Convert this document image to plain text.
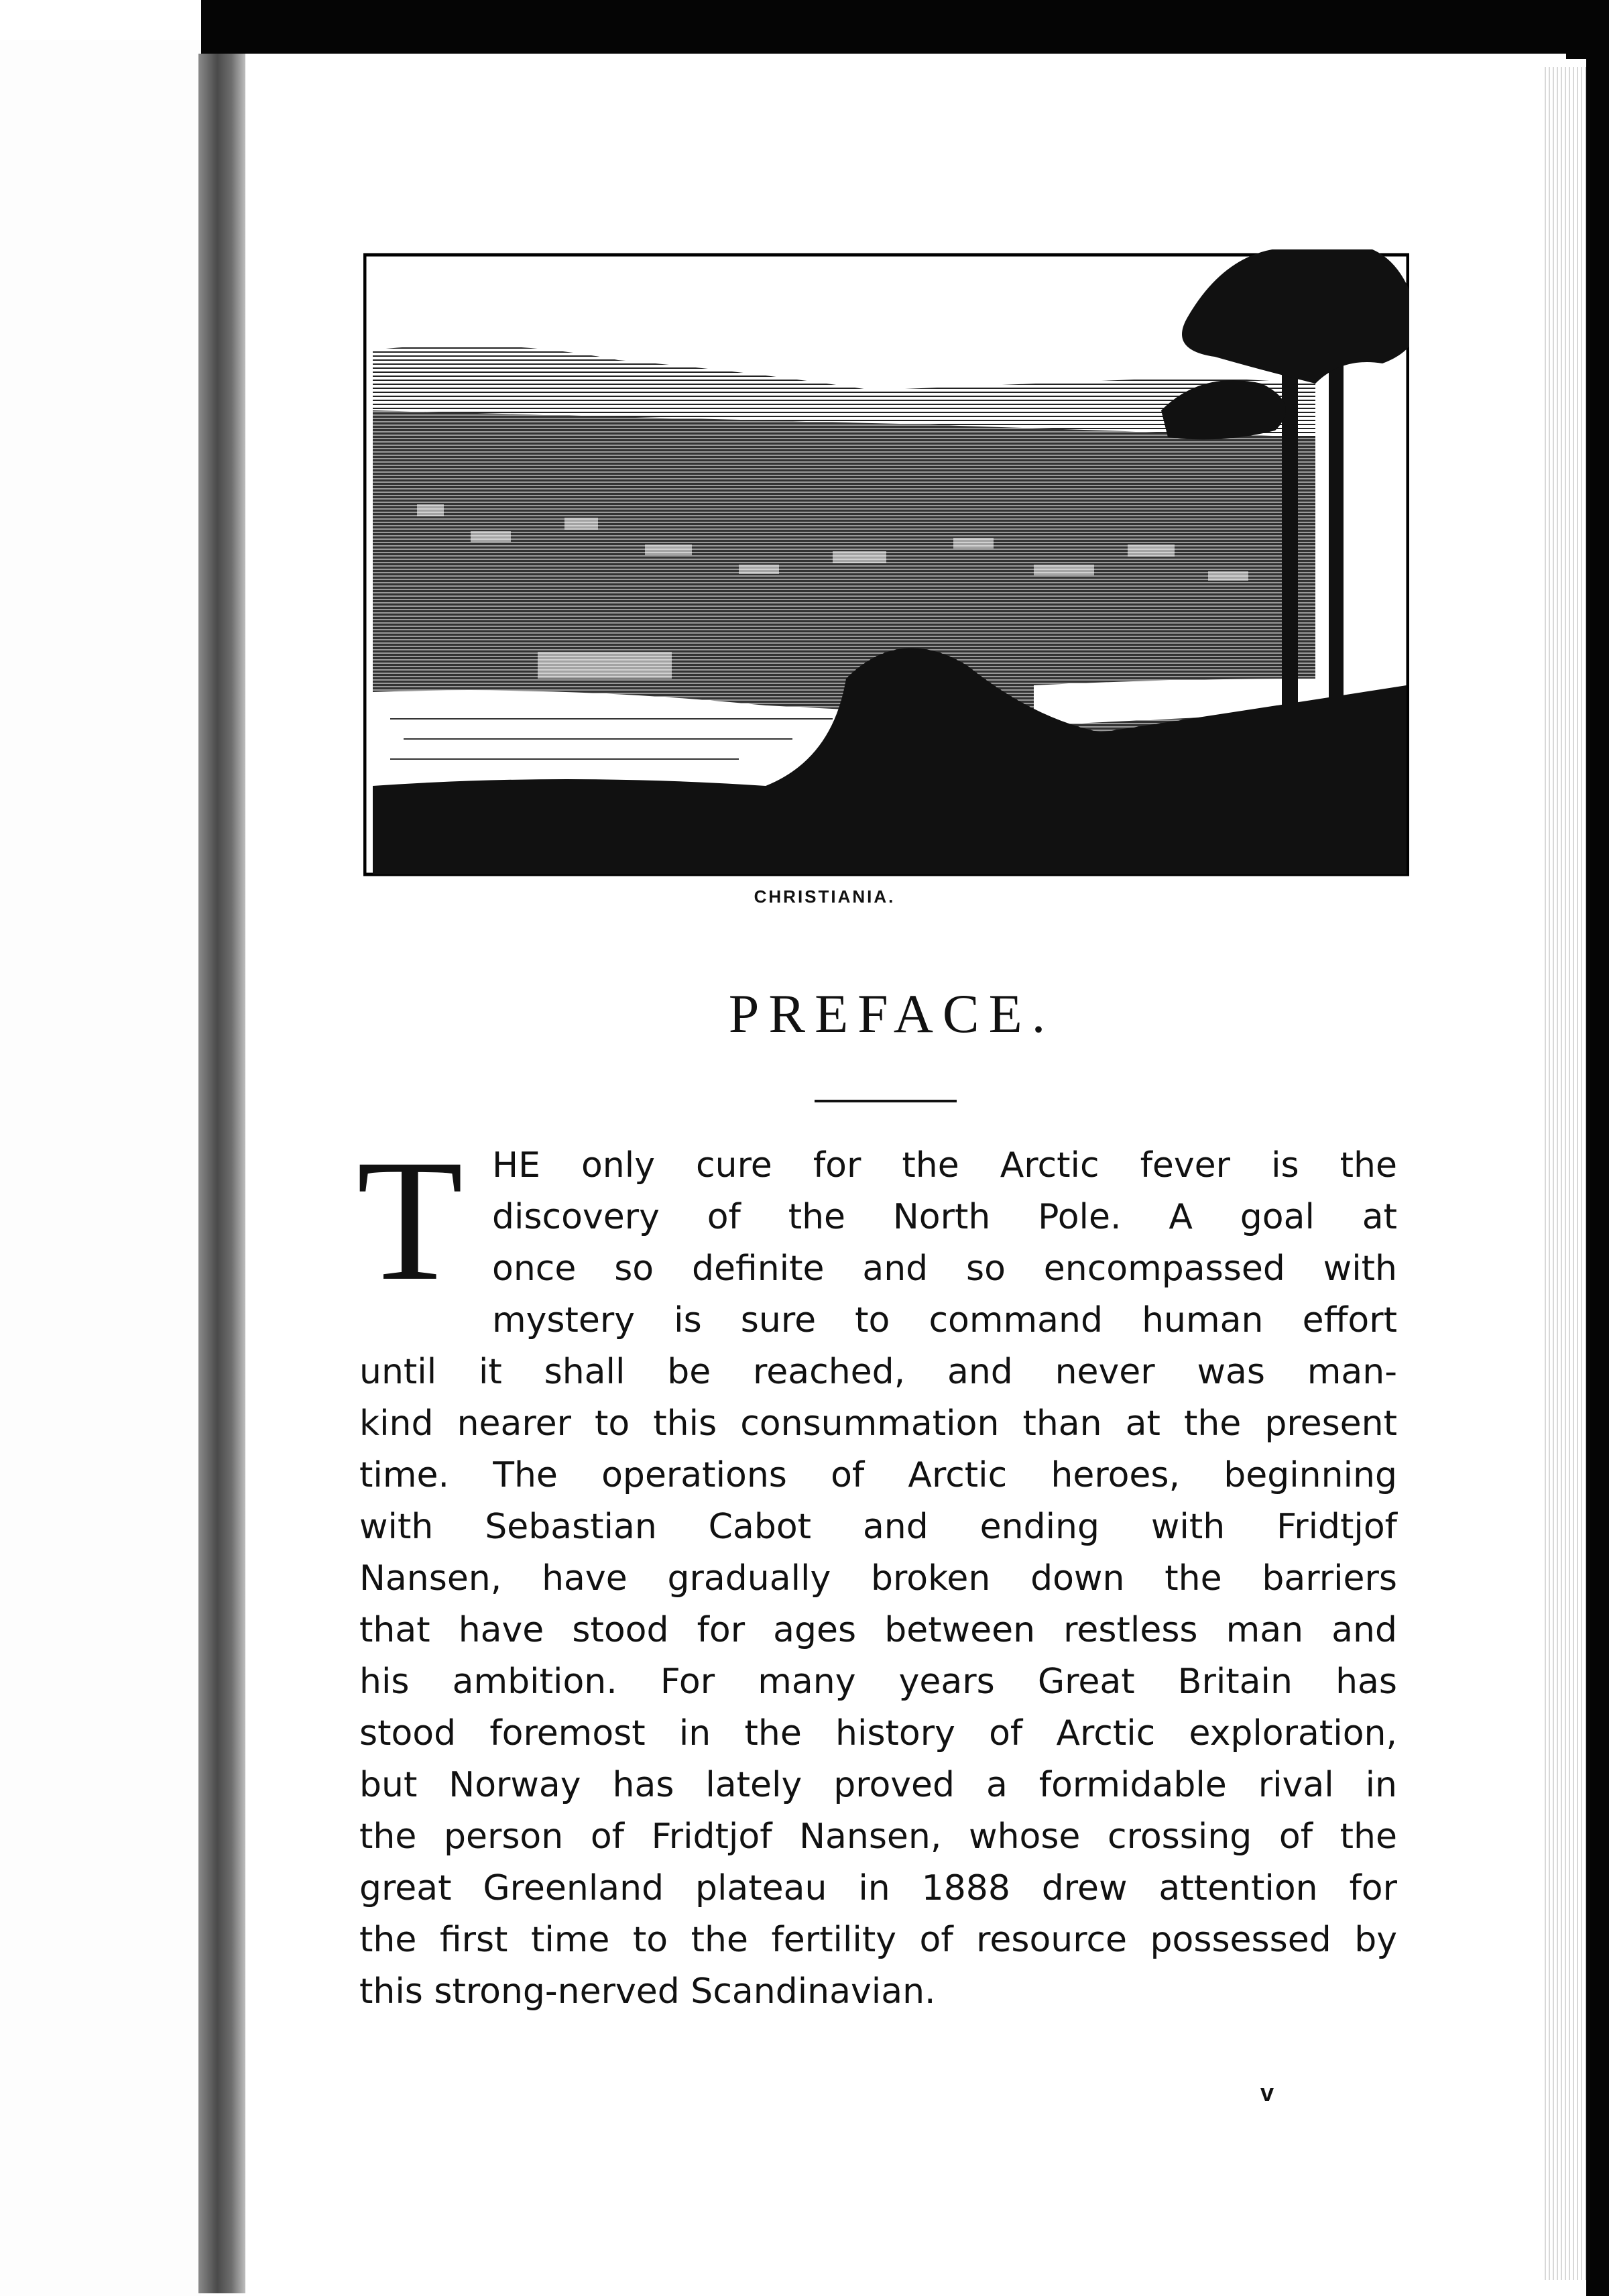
CHRISTIANIA.
PREFACE.
T HE only cure for the Arctic fever is the
discovery of the North Pole. A goal at
once so definite and so encompassed with
mystery is sure to command human effort
until it shall be reached, and never was man-
kind nearer to this consummation than at the present
time. The operations of Arctic heroes, beginning
with Sebastian Cabot and ending with Fridtjof
Nansen, have gradually broken down the barriers
that have stood for ages between restless man and
his ambition. For many years Great Britain has
stood foremost in the history of Arctic exploration,
but Norway has lately proved a formidable rival in
the person of Fridtjof Nansen, whose crossing of the
great Greenland plateau in 1888 drew attention for
the first time to the fertility of resource possessed by
this strong-nerved Scandinavian.
v
